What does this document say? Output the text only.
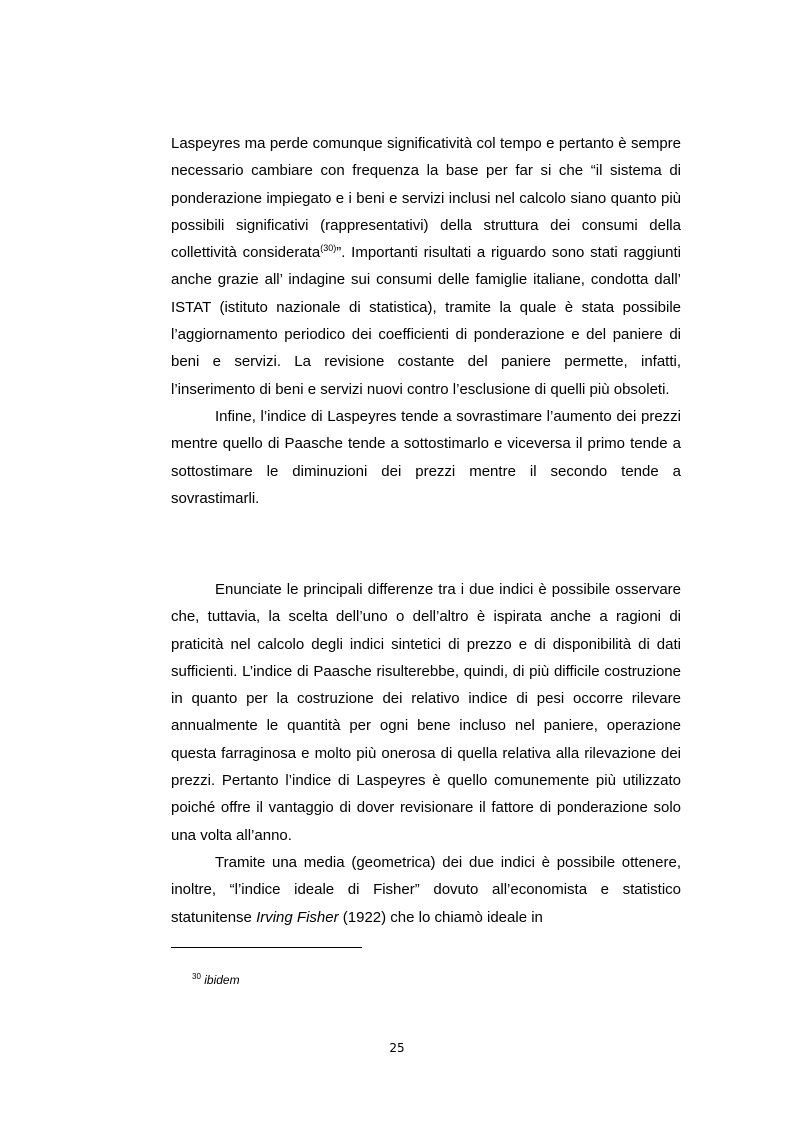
Laspeyres ma perde comunque significatività col tempo e pertanto è sempre necessario cambiare con frequenza la base per far si che “il sistema di ponderazione impiegato e i beni e servizi inclusi nel calcolo siano quanto più possibili significativi (rappresentativi) della struttura dei consumi della collettività considerata$^{(30)}$”. Importanti risultati a riguardo sono stati raggiunti anche grazie all’ indagine sui consumi delle famiglie italiane, condotta dall’ ISTAT (istituto nazionale di statistica), tramite la quale è stata possibile l’aggiornamento periodico dei coefficienti di ponderazione e del paniere di beni e servizi. La revisione costante del paniere permette, infatti, l’inserimento di beni e servizi nuovi contro l’esclusione di quelli più obsoleti.

Infine, l’indice di Laspeyres tende a sovrastimare l’aumento dei prezzi mentre quello di Paasche tende a sottostimarlo e viceversa il primo tende a sottostimare le diminuzioni dei prezzi mentre il secondo tende a sovrastimarli.

Enunciate le principali differenze tra i due indici è possibile osservare che, tuttavia, la scelta dell’uno o dell’altro è ispirata anche a ragioni di praticità nel calcolo degli indici sintetici di prezzo e di disponibilità di dati sufficienti. L’indice di Paasche risulterebbe, quindi, di più difficile costruzione in quanto per la costruzione dei relativo indice di pesi occorre rilevare annualmente le quantità per ogni bene incluso nel paniere, operazione questa farraginosa e molto più onerosa di quella relativa alla rilevazione dei prezzi. Pertanto l’indice di Laspeyres è quello comunemente più utilizzato poiché offre il vantaggio di dover revisionare il fattore di ponderazione solo una volta all’anno.

Tramite una media (geometrica) dei due indici è possibile ottenere, inoltre, “l’indice ideale di Fisher” dovuto all’economista e statistico statunitense Irving Fisher (1922) che lo chiamò ideale in

$^{30}$ ibidem
25
